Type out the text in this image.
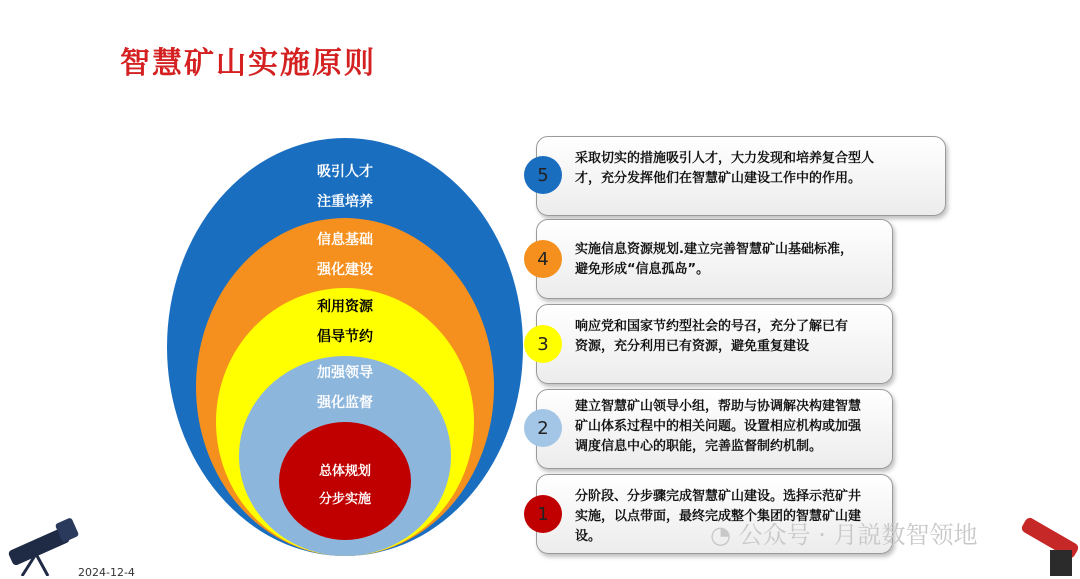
智慧矿山实施原则
吸引人才
注重培养
信息基础
强化建设
利用资源
倡导节约
加强领导
强化监督
总体规划
分步实施
采取切实的措施吸引人才，大力发现和培养复合型人才，充分发挥他们在智慧矿山建设工作中的作用。
5
实施信息资源规划.建立完善智慧矿山基础标准，避免形成“信息孤岛”。
4
响应党和国家节约型社会的号召，充分了解已有资源，充分利用已有资源，避免重复建设
3
建立智慧矿山领导小组，帮助与协调解决构建智慧矿山体系过程中的相关问题。设置相应机构或加强调度信息中心的职能，完善监督制约机制。
2
分阶段、分步骤完成智慧矿山建设。选择示范矿井实施，以点带面，最终完成整个集团的智慧矿山建设。
1
◔ 公众号 · 月説数智领地
2024-12-4
